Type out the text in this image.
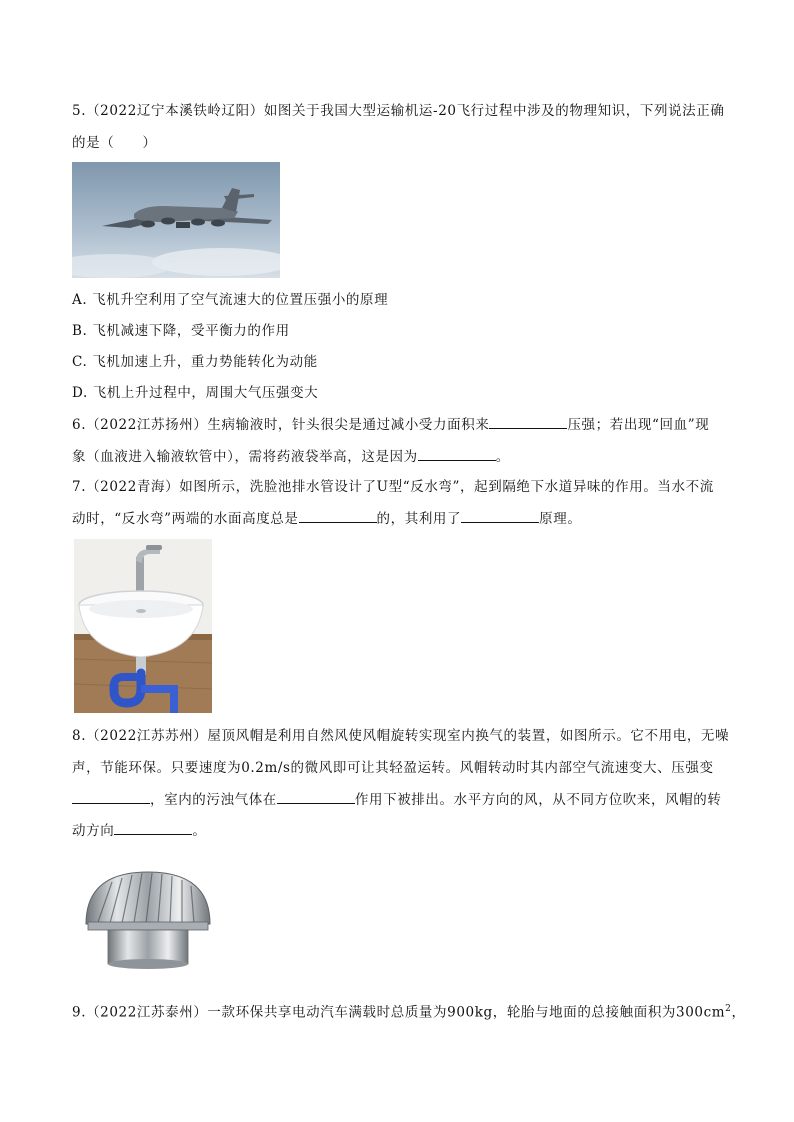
5.（2022辽宁本溪铁岭辽阳）如图关于我国大型运输机运-20飞行过程中涉及的物理知识，下列说法正确
的是（　　）
A. 飞机升空利用了空气流速大的位置压强小的原理
B. 飞机减速下降，受平衡力的作用
C. 飞机加速上升，重力势能转化为动能
D. 飞机上升过程中，周围大气压强变大
6.（2022江苏扬州）生病输液时，针头很尖是通过减小受力面积来	压强；若出现“回血”现
象（血液进入输液软管中），需将药液袋举高，这是因为	。
7.（2022青海）如图所示，洗脸池排水管设计了U型“反水弯”，起到隔绝下水道异味的作用。当水不流
动时，“反水弯”两端的水面高度总是	的，其利用了	原理。
8.（2022江苏苏州）屋顶风帽是利用自然风使风帽旋转实现室内换气的装置，如图所示。它不用电，无噪
声，节能环保。只要速度为0.2m/s的微风即可让其轻盈运转。风帽转动时其内部空气流速变大、压强变
，室内的污浊气体在	作用下被排出。水平方向的风，从不同方位吹来，风帽的转
动方向	。
9.（2022江苏泰州）一款环保共享电动汽车满载时总质量为900kg，轮胎与地面的总接触面积为$300cm^2$，
